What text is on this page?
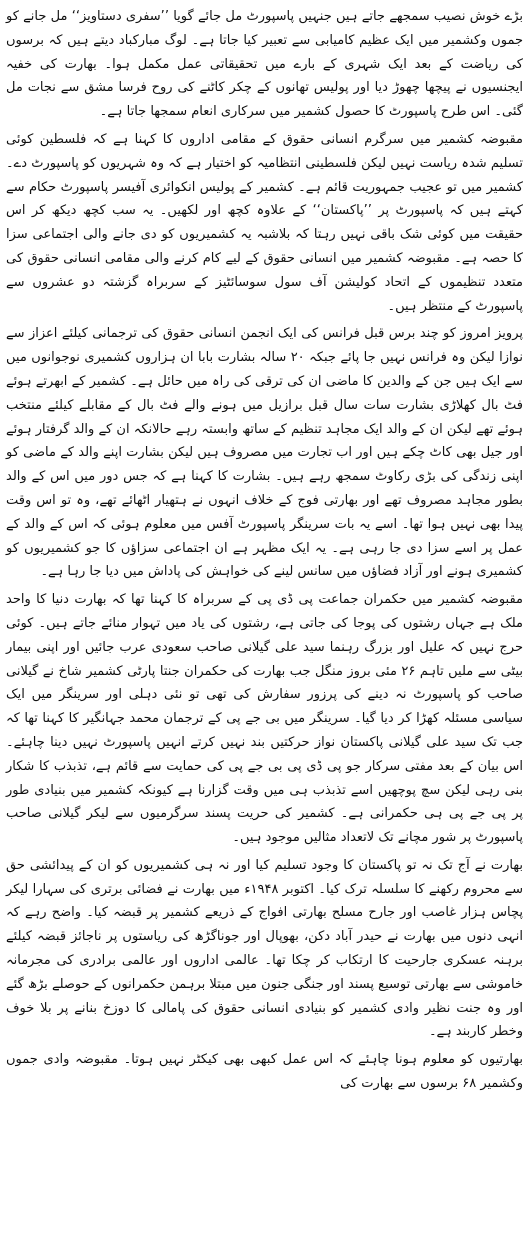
بڑے خوش نصیب سمجھے جاتے ہیں جنہیں پاسپورٹ مل جائے گویا ’’سفری دستاویز‘‘ مل جانے کو جموں وکشمیر میں ایک عظیم کامیابی سے تعبیر کیا جاتا ہے۔ لوگ مبارکباد دیتے ہیں کہ برسوں کی ریاضت کے بعد ایک شہری کے بارے میں تحقیقاتی عمل مکمل ہوا۔ بھارت کی خفیہ ایجنسیوں نے پیچھا چھوڑ دیا اور پولیس تھانوں کے چکر کاٹنے کی روح فرسا مشق سے نجات مل گئی۔ اس طرح پاسپورٹ کا حصول کشمیر میں سرکاری انعام سمجھا جاتا ہے۔

مقبوضہ کشمیر میں سرگرم انسانی حقوق کے مقامی اداروں کا کہنا ہے کہ فلسطین کوئی تسلیم شدہ ریاست نہیں لیکن فلسطینی انتظامیہ کو اختیار ہے کہ وہ شہریوں کو پاسپورٹ دے۔ کشمیر میں تو عجیب جمہوریت قائم ہے۔ کشمیر کے پولیس انکوائری آفیسر پاسپورٹ حکام سے کہتے ہیں کہ پاسپورٹ پر ’’پاکستان‘‘ کے علاوہ کچھ اور لکھیں۔ یہ سب کچھ دیکھ کر اس حقیقت میں کوئی شک باقی نہیں رہتا کہ بلاشبہ یہ کشمیریوں کو دی جانے والی اجتماعی سزا کا حصہ ہے۔ مقبوضہ کشمیر میں انسانی حقوق کے لیے کام کرنے والی مقامی انسانی حقوق کی متعدد تنظیموں کے اتحاد کولیشن آف سول سوسائٹیز کے سربراہ گزشتہ دو عشروں سے پاسپورٹ کے منتظر ہیں۔

پرویز امروز کو چند برس قبل فرانس کی ایک انجمن انسانی حقوق کی ترجمانی کیلئے اعزاز سے نوازا لیکن وہ فرانس نہیں جا پائے جبکہ ۲۰ سالہ بشارت بابا ان ہزاروں کشمیری نوجوانوں میں سے ایک ہیں جن کے والدین کا ماضی ان کی ترقی کی راہ میں حائل ہے۔ کشمیر کے ابھرتے ہوئے فٹ بال کھلاڑی بشارت سات سال قبل برازیل میں ہونے والے فٹ بال کے مقابلے کیلئے منتخب ہوئے تھے لیکن ان کے والد ایک مجاہد تنظیم کے ساتھ وابستہ رہے حالانکہ ان کے والد گرفتار ہوئے اور جیل بھی کاٹ چکے ہیں اور اب تجارت میں مصروف ہیں لیکن بشارت اپنے والد کے ماضی کو اپنی زندگی کی بڑی رکاوٹ سمجھ رہے ہیں۔ بشارت کا کہنا ہے کہ جس دور میں اس کے والد بطور مجاہد مصروف تھے اور بھارتی فوج کے خلاف انہوں نے ہتھیار اٹھائے تھے، وہ تو اس وقت پیدا بھی نہیں ہوا تھا۔ اسے یہ بات سرینگر پاسپورٹ آفس میں معلوم ہوئی کہ اس کے والد کے عمل پر اسے سزا دی جا رہی ہے۔ یہ ایک مظہر ہے ان اجتماعی سزاؤں کا جو کشمیریوں کو کشمیری ہونے اور آزاد فضاؤں میں سانس لینے کی خواہش کی پاداش میں دیا جا رہا ہے۔

مقبوضہ کشمیر میں حکمران جماعت پی ڈی پی کے سربراہ کا کہنا تھا کہ بھارت دنیا کا واحد ملک ہے جہاں رشتوں کی پوجا کی جاتی ہے، رشتوں کی یاد میں تہوار منائے جاتے ہیں۔ کوئی حرج نہیں کہ علیل اور بزرگ رہنما سید علی گیلانی صاحب سعودی عرب جائیں اور اپنی بیمار بیٹی سے ملیں تاہم ۲۶ مئی بروز منگل جب بھارت کی حکمران جنتا پارٹی کشمیر شاخ نے گیلانی صاحب کو پاسپورٹ نہ دینے کی پرزور سفارش کی تھی تو نئی دہلی اور سرینگر میں ایک سیاسی مسئلہ کھڑا کر دیا گیا۔ سرینگر میں بی جے پی کے ترجمان محمد جہانگیر کا کہنا تھا کہ جب تک سید علی گیلانی پاکستان نواز حرکتیں بند نہیں کرتے انہیں پاسپورٹ نہیں دینا چاہئے۔ اس بیان کے بعد مفتی سرکار جو پی ڈی پی بی جے پی کی حمایت سے قائم ہے، تذبذب کا شکار بنی رہی لیکن سچ پوچھیں اسے تذبذب ہی میں وقت گزارنا ہے کیونکہ کشمیر میں بنیادی طور پر پی جے پی ہی حکمرانی ہے۔ کشمیر کی حریت پسند سرگرمیوں سے لیکر گیلانی صاحب پاسپورٹ پر شور مچانے تک لاتعداد مثالیں موجود ہیں۔

بھارت نے آج تک نہ تو پاکستان کا وجود تسلیم کیا اور نہ ہی کشمیریوں کو ان کے پیدائشی حق سے محروم رکھنے کا سلسلہ ترک کیا۔ اکتوبر ۱۹۴۸ء میں بھارت نے فضائی برتری کی سہارا لیکر پچاس ہزار غاصب اور جارح مسلح بھارتی افواج کے ذریعے کشمیر پر قبضہ کیا۔ واضح رہے کہ انہی دنوں میں بھارت نے حیدر آباد دکن، بھوپال اور جوناگڑھ کی ریاستوں پر ناجائز قبضہ کیلئے برہنہ عسکری جارحیت کا ارتکاب کر چکا تھا۔ عالمی اداروں اور عالمی برادری کی مجرمانہ خاموشی سے بھارتی توسیع پسند اور جنگی جنون میں مبتلا برہمن حکمرانوں کے حوصلے بڑھ گئے اور وہ جنت نظیر وادی کشمیر کو بنیادی انسانی حقوق کی پامالی کا دوزخ بنانے پر بلا خوف وخطر کاربند ہے۔

بھارتیوں کو معلوم ہونا چاہئے کہ اس عمل کبھی بھی کیکٹر نہیں ہوتا۔ مقبوضہ وادی جموں وکشمیر ۶۸ برسوں سے بھارت کی
